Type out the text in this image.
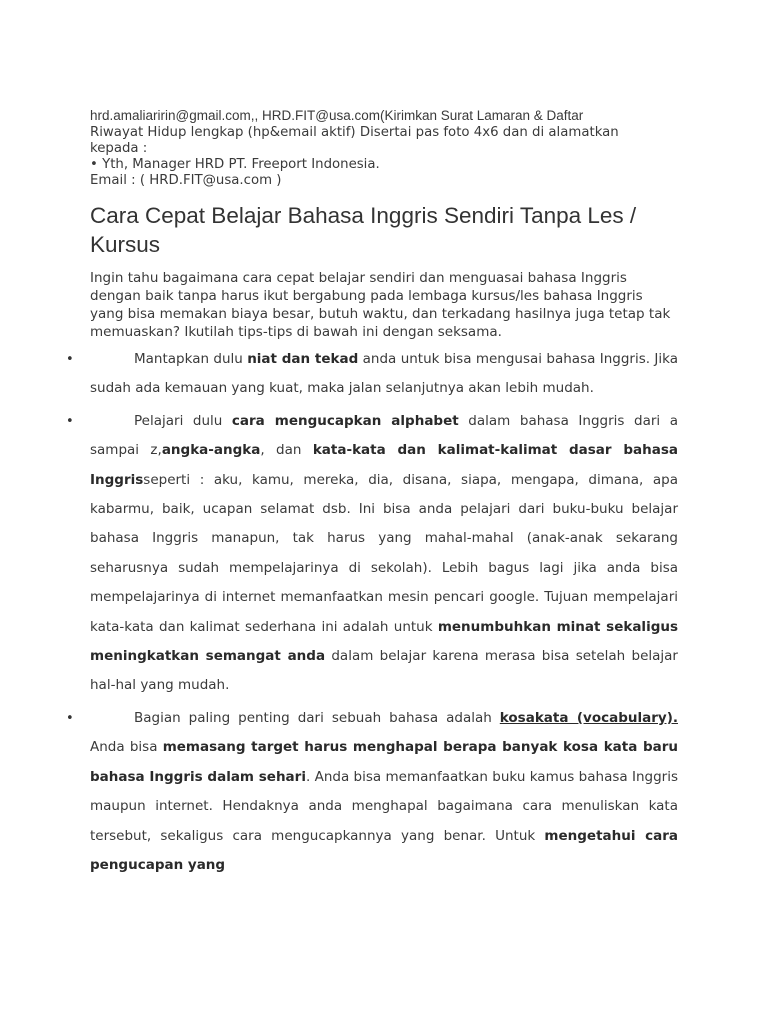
hrd.amaliaririn@gmail.com,, HRD.FIT@usa.com(Kirimkan Surat Lamaran & Daftar
Riwayat Hidup lengkap (hp&email aktif) Disertai pas foto 4x6 dan di alamatkan
kepada :
• Yth, Manager HRD PT. Freeport Indonesia.
Email : ( HRD.FIT@usa.com )

Cara Cepat Belajar Bahasa Inggris Sendiri Tanpa Les / Kursus

Ingin tahu bagaimana cara cepat belajar sendiri dan menguasai bahasa Inggris dengan baik tanpa harus ikut bergabung pada lembaga kursus/les bahasa Inggris yang bisa memakan biaya besar, butuh waktu, dan terkadang hasilnya juga tetap tak memuaskan? Ikutilah tips-tips di bawah ini dengan seksama.

•	Mantapkan dulu niat dan tekad anda untuk bisa mengusai bahasa Inggris. Jika sudah ada kemauan yang kuat, maka jalan selanjutnya akan lebih mudah.
•	Pelajari dulu cara mengucapkan alphabet dalam bahasa Inggris dari a sampai z,angka-angka, dan kata-kata dan kalimat-kalimat dasar bahasa Inggrisseperti : aku, kamu, mereka, dia, disana, siapa, mengapa, dimana, apa kabarmu, baik, ucapan selamat dsb. Ini bisa anda pelajari dari buku-buku belajar bahasa Inggris manapun, tak harus yang mahal-mahal (anak-anak sekarang seharusnya sudah mempelajarinya di sekolah). Lebih bagus lagi jika anda bisa mempelajarinya di internet memanfaatkan mesin pencari google. Tujuan mempelajari kata-kata dan kalimat sederhana ini adalah untuk menumbuhkan minat sekaligus meningkatkan semangat anda dalam belajar karena merasa bisa setelah belajar hal-hal yang mudah.
•	Bagian paling penting dari sebuah bahasa adalah kosakata (vocabulary). Anda bisa memasang target harus menghapal berapa banyak kosa kata baru bahasa Inggris dalam sehari. Anda bisa memanfaatkan buku kamus bahasa Inggris maupun internet. Hendaknya anda menghapal bagaimana cara menuliskan kata tersebut, sekaligus cara mengucapkannya yang benar. Untuk mengetahui cara pengucapan yang
